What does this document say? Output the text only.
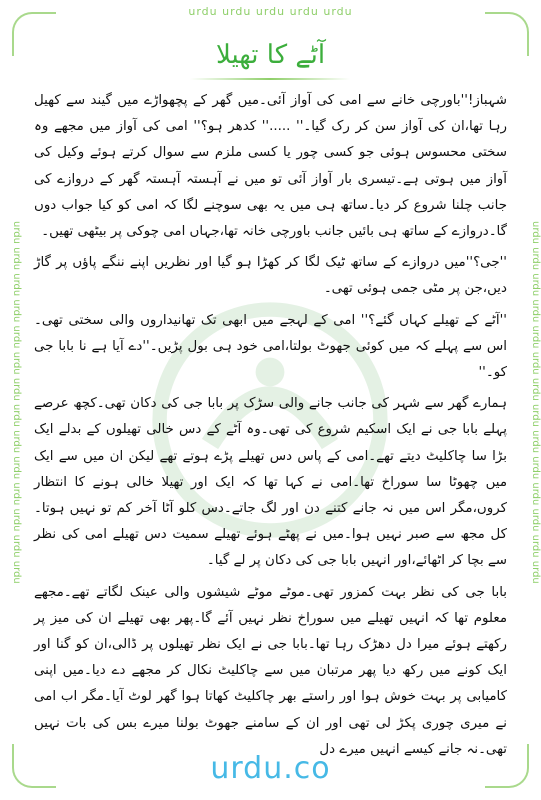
urdu urdu urdu urdu urdu
urdu urdu urdu urdu urdu urdu urdu urdu urdu urdu urdu urdu urdu urdu	urdu urdu urdu urdu urdu urdu urdu urdu urdu urdu urdu urdu urdu urdu
آٹے کا تھیلا

شہباز!''باورچی خانے سے امی کی آواز آئی۔میں گھر کے پچھواڑے میں گیند سے کھیل رہا تھا،ان کی آواز سن کر رک گیا۔'' .....'' کدھر ہو؟'' امی کی آواز میں مجھے وہ سختی محسوس ہوئی جو کسی چور یا کسی ملزم سے سوال کرتے ہوئے وکیل کی آواز میں ہوتی ہے۔تیسری بار آواز آئی تو میں نے آہستہ آہستہ گھر کے دروازے کی جانب چلنا شروع کر دیا۔ساتھ ہی میں یہ بھی سوچنے لگا کہ امی کو کیا جواب دوں گا۔دروازے کے ساتھ ہی بائیں جانب باورچی خانہ تھا،جہاں امی چوکی پر بیٹھی تھیں۔

''جی؟''میں دروازے کے ساتھ ٹیک لگا کر کھڑا ہو گیا اور نظریں اپنے ننگے پاؤں پر گاڑ دیں،جن پر مٹی جمی ہوئی تھی۔

''آٹے کے تھیلے کہاں گئے؟'' امی کے لہجے میں ابھی تک تھانیداروں والی سختی تھی۔اس سے پہلے کہ میں کوئی جھوٹ بولتا،امی خود ہی بول پڑیں۔''دے آیا ہے نا بابا جی کو۔''

ہمارے گھر سے شہر کی جانب جانے والی سڑک پر بابا جی کی دکان تھی۔کچھ عرصے پہلے بابا جی نے ایک اسکیم شروع کی تھی۔وہ آٹے کے دس خالی تھیلوں کے بدلے ایک بڑا سا چاکلیٹ دیتے تھے۔امی کے پاس دس تھیلے پڑے ہوتے تھے لیکن ان میں سے ایک میں چھوٹا سا سوراخ تھا۔امی نے کہا تھا کہ ایک اور تھیلا خالی ہونے کا انتظار کروں،مگر اس میں نہ جانے کتنے دن اور لگ جاتے۔دس کلو آٹا آخر کم تو نہیں ہوتا۔کل مجھ سے صبر نہیں ہوا۔میں نے پھٹے ہوئے تھیلے سمیت دس تھیلے امی کی نظر سے بچا کر اٹھائے،اور انہیں بابا جی کی دکان پر لے گیا۔

بابا جی کی نظر بہت کمزور تھی۔موٹے موٹے شیشوں والی عینک لگاتے تھے۔مجھے معلوم تھا کہ انہیں تھیلے میں سوراخ نظر نہیں آئے گا۔پھر بھی تھیلے ان کی میز پر رکھتے ہوئے میرا دل دھڑک رہا تھا۔بابا جی نے ایک نظر تھیلوں پر ڈالی،ان کو گنا اور ایک کونے میں رکھ دیا پھر مرتبان میں سے چاکلیٹ نکال کر مجھے دے دیا۔میں اپنی کامیابی پر بہت خوش ہوا اور راستے بھر چاکلیٹ کھاتا ہوا گھر لوٹ آیا۔مگر اب امی نے میری چوری پکڑ لی تھی اور ان کے سامنے جھوٹ بولنا میرے بس کی بات نہیں تھی۔نہ جانے کیسے انہیں میرے دل

urdu.co
